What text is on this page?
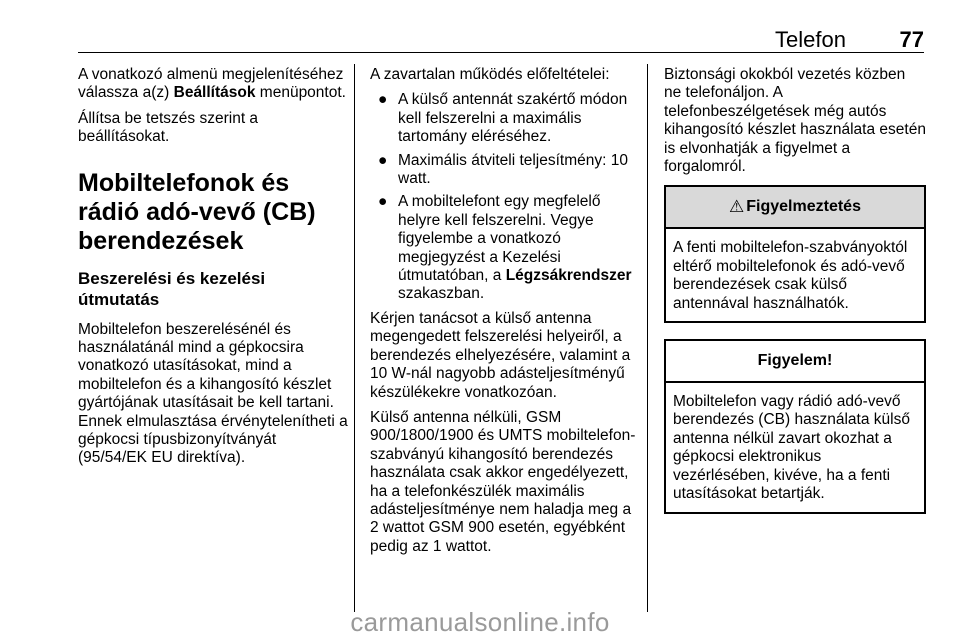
Telefon 77

A vonatkozó almenü megjelenítéséhez válassza a(z) Beállítások menüpontot.

Állítsa be tetszés szerint a beállításokat.

Mobiltelefonok és rádió adó-vevő (CB) berendezések
Beszerelési és kezelési útmutatás

Mobiltelefon beszerelésénél és használatánál mind a gépkocsira vonatkozó utasításokat, mind a mobiltelefon és a kihangosító készlet gyártójának utasításait be kell tartani. Ennek elmulasztása érvényteleníthetі a gépkocsi típusbizonyítványát (95/54/EK EU direktíva).

A zavartalan működés előfeltételei:

● A külső antennát szakértő módon kell felszerelni a maximális tartomány eléréséhez.
● Maximális átviteli teljesítmény: 10 watt.
● A mobiltelefont egy megfelelő helyre kell felszerelni. Vegye figyelembe a vonatkozó megjegyzést a Kezelési útmutatóban, a Légzsákrendszer szakaszban.

Kérjen tanácsot a külső antenna megengedett felszerelési helyeiről, a berendezés elhelyezésére, valamint a 10 W-nál nagyobb adásteljesítményű készülékekre vonatkozóan.

Külső antenna nélküli, GSM 900/1800/1900 és UMTS mobiltelefon-szabványú kihangosító berendezés használata csak akkor engedélyezett, ha a telefonkészülék maximális adásteljesítménye nem haladja meg a 2 wattot GSM 900 esetén, egyébként pedig az 1 wattot.

Biztonsági okokból vezetés közben ne telefonáljon. A telefonbeszélgetések még autós kihangosító készlet használata esetén is elvonhatják a figyelmet a forgalomról.

⚠ Figyelmeztetés
A fenti mobiltelefon-szabványoktól eltérő mobiltelefonok és adó-vevő berendezések csak külső antennával használhatók.
Figyelem!
Mobiltelefon vagy rádió adó-vevő berendezés (CB) használata külső antenna nélkül zavart okozhat a gépkocsi elektronikus vezérlésében, kivéve, ha a fenti utasításokat betartják.
carmanualsonline.info
